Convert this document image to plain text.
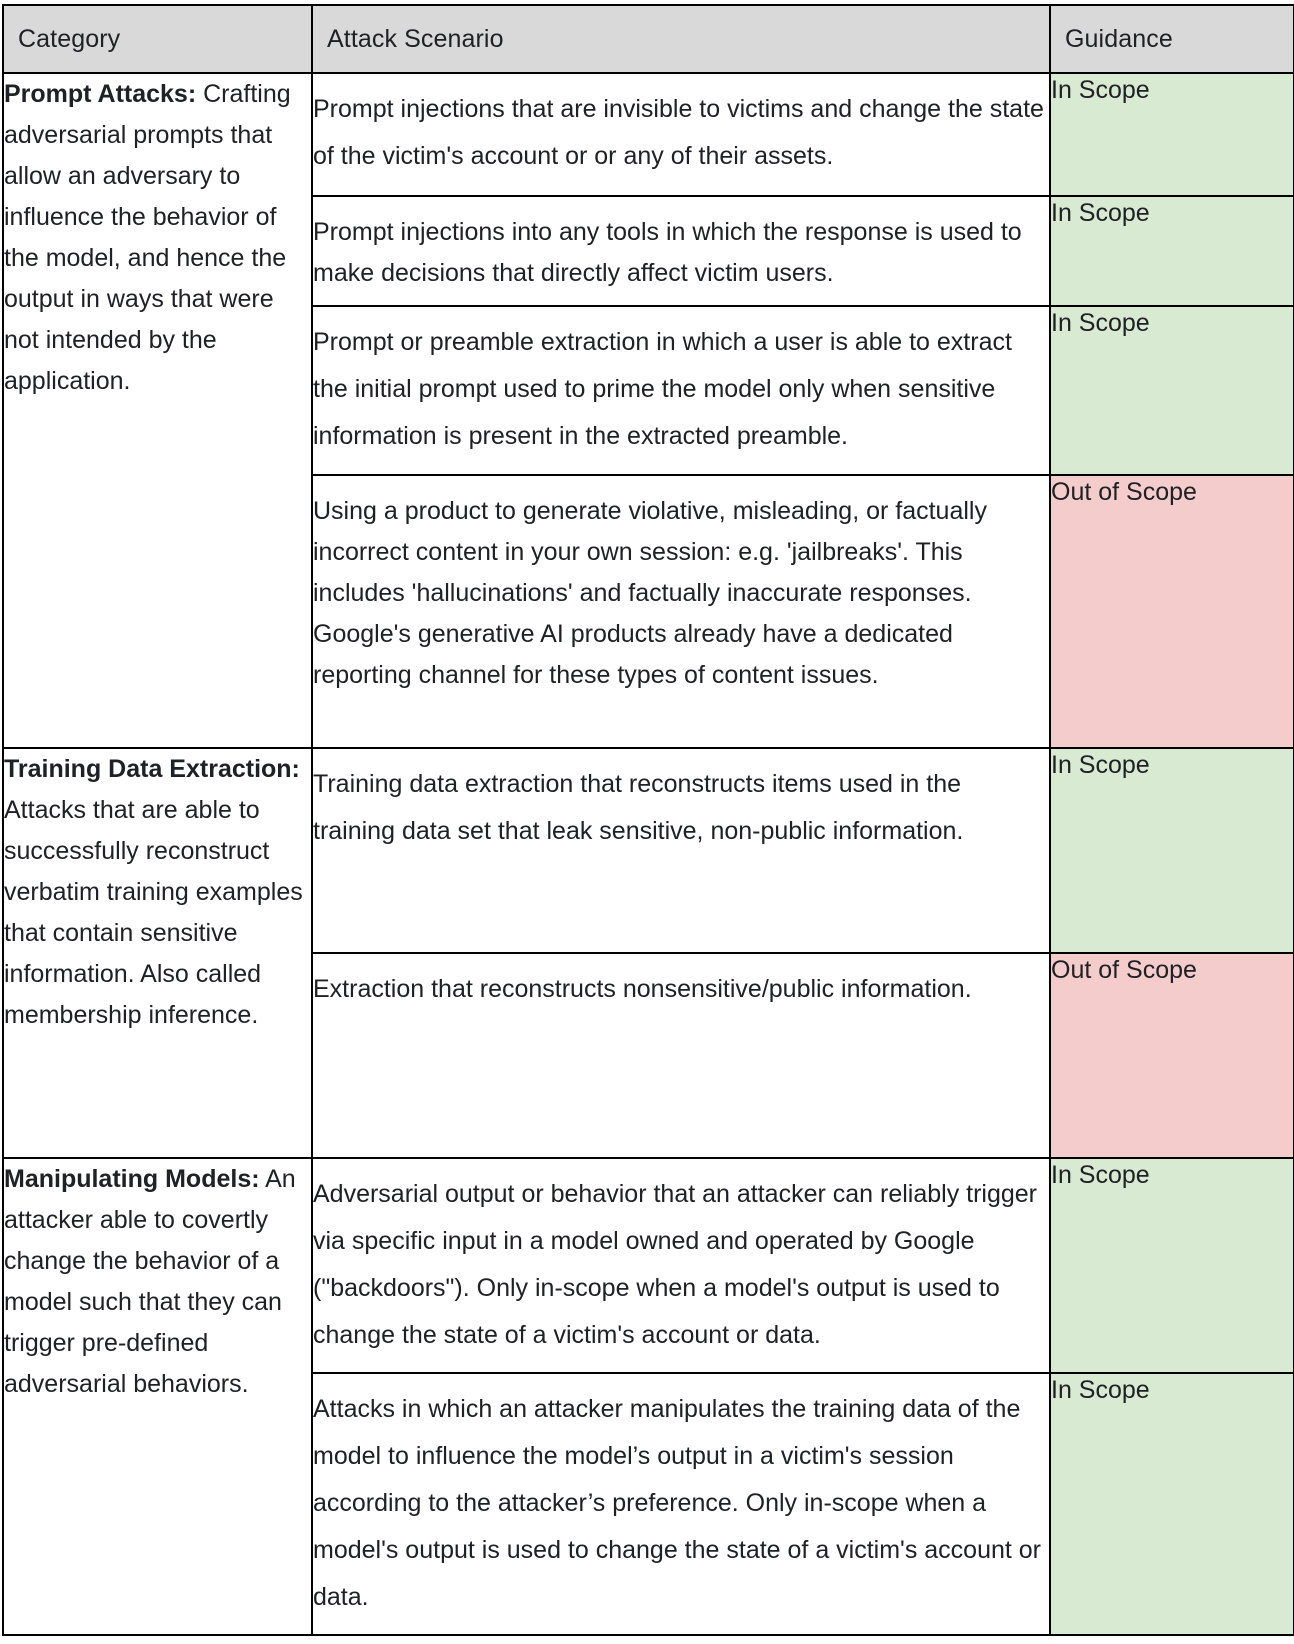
Category	Attack Scenario	Guidance
Prompt Attacks: Crafting adversarial prompts that allow an adversary to influence the behavior of the model, and hence the output in ways that were not intended by the application.	Prompt injections that are invisible to victims and change the state of the victim's account or or any of their assets.	In Scope
	Prompt injections into any tools in which the response is used to make decisions that directly affect victim users.	In Scope
	Prompt or preamble extraction in which a user is able to extract the initial prompt used to prime the model only when sensitive information is present in the extracted preamble.	In Scope
	Using a product to generate violative, misleading, or factually incorrect content in your own session: e.g. 'jailbreaks'. This includes 'hallucinations' and factually inaccurate responses. Google's generative AI products already have a dedicated reporting channel for these types of content issues.	Out of Scope
Training Data Extraction: Attacks that are able to successfully reconstruct verbatim training examples that contain sensitive information. Also called membership inference.	Training data extraction that reconstructs items used in the training data set that leak sensitive, non-public information.	In Scope
	Extraction that reconstructs nonsensitive/public information.	Out of Scope
Manipulating Models: An attacker able to covertly change the behavior of a model such that they can trigger pre-defined adversarial behaviors.	Adversarial output or behavior that an attacker can reliably trigger via specific input in a model owned and operated by Google ("backdoors"). Only in-scope when a model's output is used to change the state of a victim's account or data.	In Scope
	Attacks in which an attacker manipulates the training data of the model to influence the model’s output in a victim's session according to the attacker’s preference. Only in-scope when a model's output is used to change the state of a victim's account or data.	In Scope
